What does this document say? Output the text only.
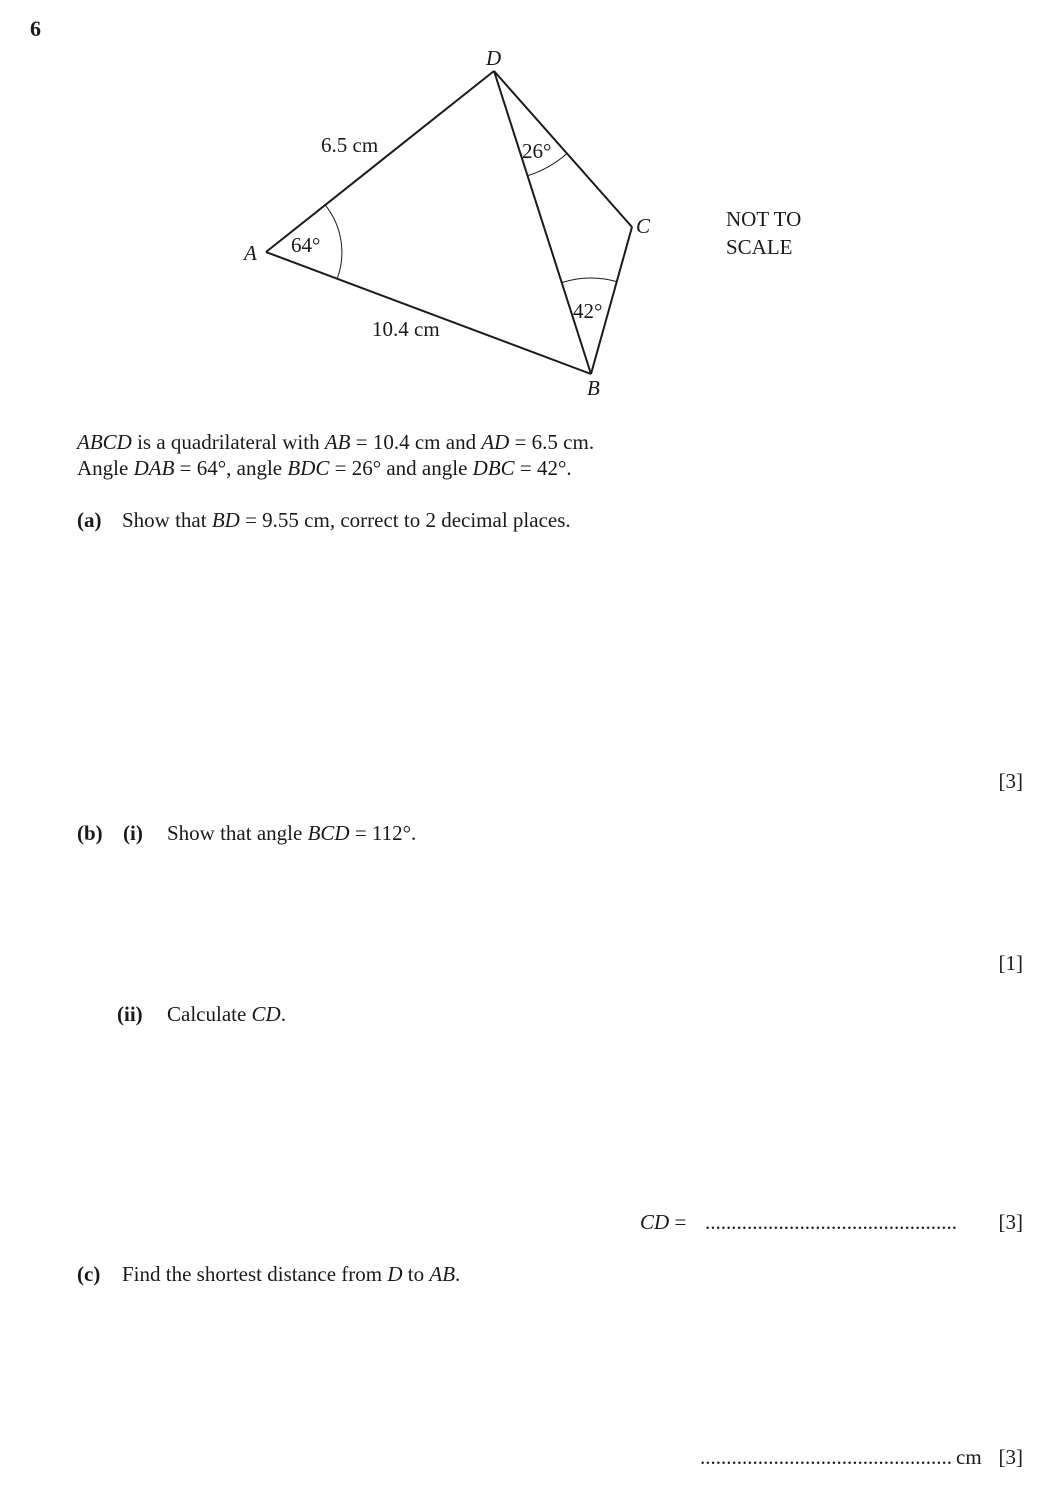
6
D
A
C
B
6.5 cm
10.4 cm
64°
26°
42°
NOT TO
SCALE
ABCD is a quadrilateral with AB = 10.4 cm and AD = 6.5 cm.
Angle DAB = 64°, angle BDC = 26° and angle DBC = 42°.
(a) Show that BD = 9.55 cm, correct to 2 decimal places.
[3]
(b) (i) Show that angle BCD = 112°.
[1]
(ii) Calculate CD.
CD = ................................................ [3]
(c) Find the shortest distance from D to AB.
................................................ cm [3]
